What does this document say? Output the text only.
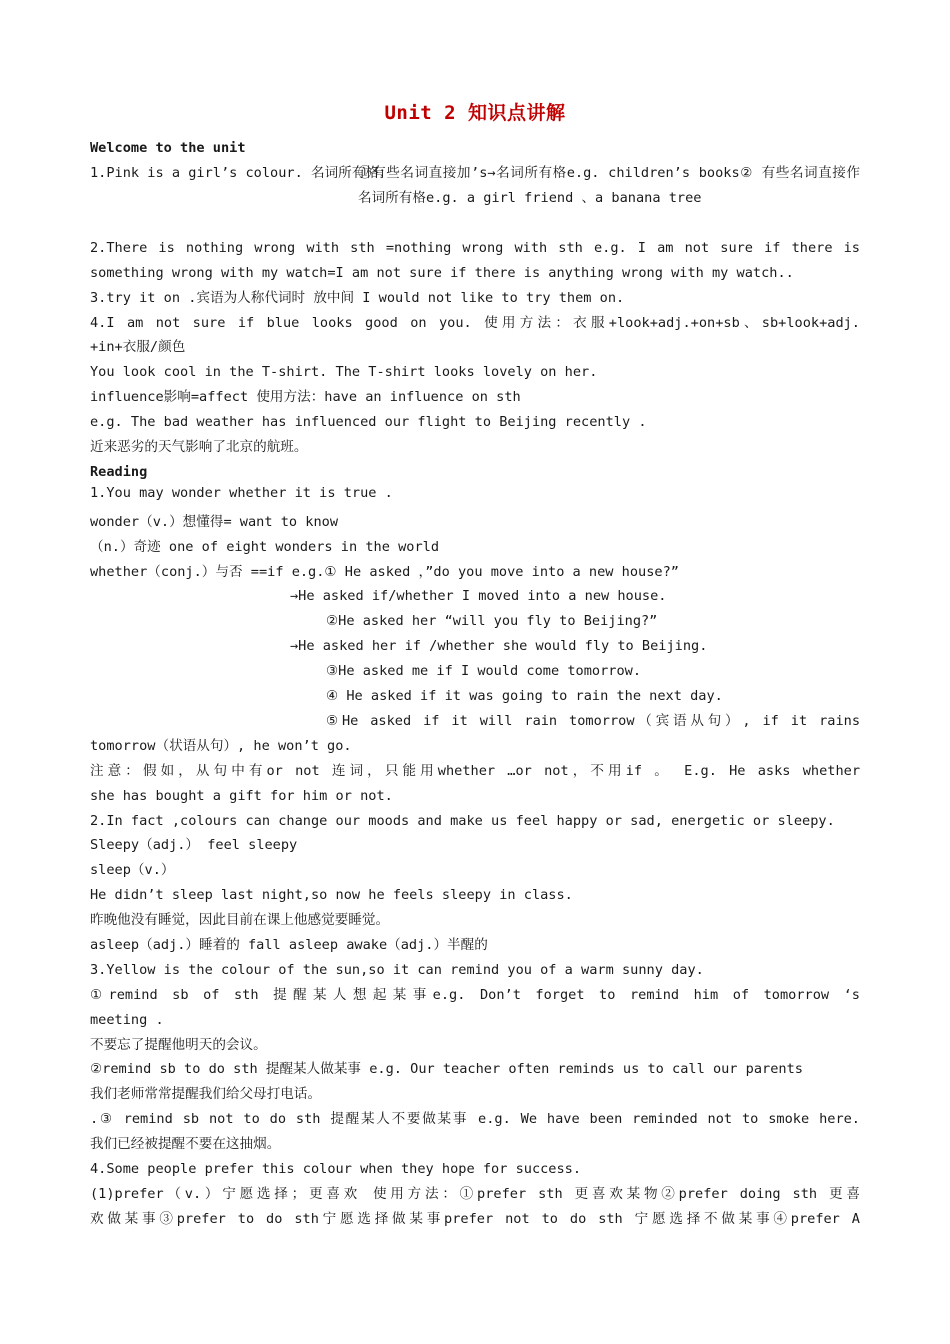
Unit 2 知识点讲解
Welcome to the unit
1.Pink is a girl’s colour. 名词所有格：
①有些名词直接加’s→名词所有格e.g. children’s books② 有些名词直接作名词所有格e.g. a girl friend 、a banana tree
2.There is nothing wrong with sth =nothing wrong with sth e.g. I am not sure if there is
something wrong with my watch=I am not sure if there is anything wrong with my watch..
3.try it on .宾语为人称代词时 放中间 I would not like to try them on.
4.I am not sure if blue looks good on you. 使用方法：衣服+look+adj.+on+sb、sb+look+adj.
+in+衣服/颜色
You look cool in the T-shirt. The T-shirt looks lovely on her.
influence影响=affect 使用方法：have an influence on sth
e.g. The bad weather has influenced our flight to Beijing recently .
近来恶劣的天气影响了北京的航班。
Reading
1.You may wonder whether it is true .
wonder（v.）想懂得= want to know
（n.）奇迹 one of eight wonders in the world
whether（conj.）与否 ==if e.g.① He asked ，”do you move into a new house?”
→He asked if/whether I moved into a new house.
②He asked her “will you fly to Beijing?”
→He asked her if /whether she would fly to Beijing.
③He asked me if I would come tomorrow.
④ He asked if it was going to rain the next day.
⑤He asked if it will rain tomorrow（宾语从句）, if it rains
tomorrow（状语从句）, he won’t go.
注意：假如，从句中有or not 连词，只能用whether …or not，不用if 。 E.g. He asks whether
she has bought a gift for him or not.
2.In fact ,colours can change our moods and make us feel happy or sad, energetic or sleepy.
Sleepy（adj.） feel sleepy
sleep（v.）
He didn’t sleep last night,so now he feels sleepy in class.
昨晚他没有睡觉，因此目前在课上他感觉要睡觉。
asleep（adj.）睡着的 fall asleep awake（adj.）半醒的
3.Yellow is the colour of the sun,so it can remind you of a warm sunny day.
①remind sb of sth 提醒某人想起某事e.g. Don’t forget to remind him of tomorrow ‘s
meeting .
不要忘了提醒他明天的会议。
②remind sb to do sth 提醒某人做某事 e.g. Our teacher often reminds us to call our parents
我们老师常常提醒我们给父母打电话。
.③ remind sb not to do sth 提醒某人不要做某事 e.g. We have been reminded not to smoke here.
我们已经被提醒不要在这抽烟。
4.Some people prefer this colour when they hope for success.
(1)prefer（v.）宁愿选择；更喜欢 使用方法：①prefer sth 更喜欢某物②prefer doing sth 更喜
欢做某事③prefer to do sth宁愿选择做某事prefer not to do sth 宁愿选择不做某事④prefer A
